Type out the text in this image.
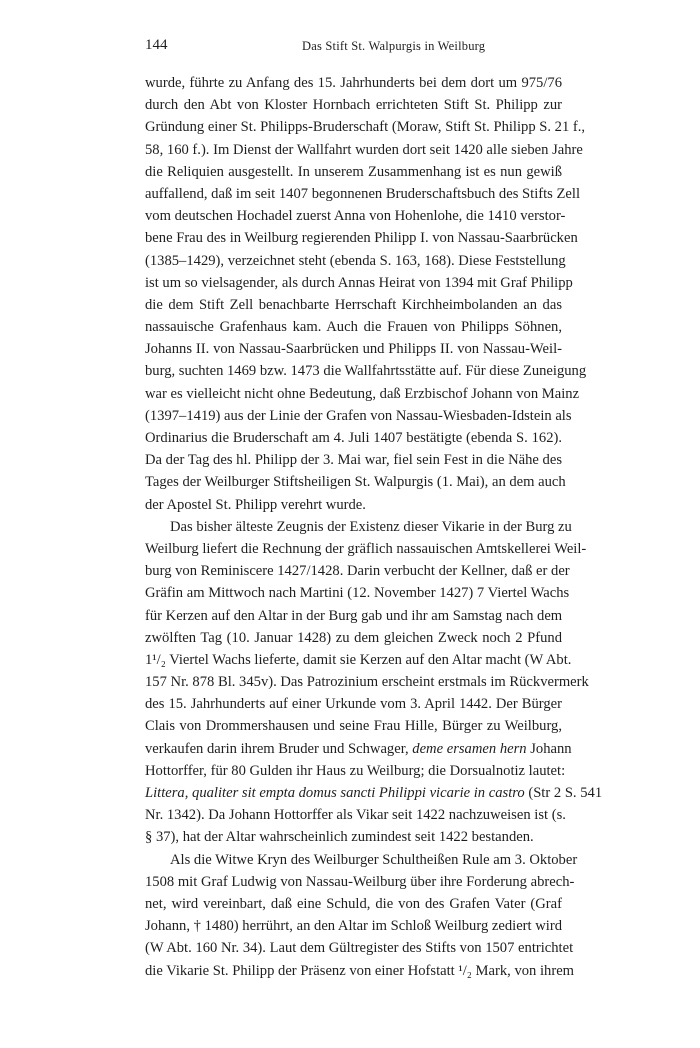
144	Das Stift St. Walpurgis in Weilburg
wurde, führte zu Anfang des 15. Jahrhunderts bei dem dort um 975/76
durch den Abt von Kloster Hornbach errichteten Stift St. Philipp zur
Gründung einer St. Philipps-Bruderschaft (Moraw, Stift St. Philipp S. 21 f.,
58, 160 f.). Im Dienst der Wallfahrt wurden dort seit 1420 alle sieben Jahre
die Reliquien ausgestellt. In unserem Zusammenhang ist es nun gewiß
auffallend, daß im seit 1407 begonnenen Bruderschaftsbuch des Stifts Zell
vom deutschen Hochadel zuerst Anna von Hohenlohe, die 1410 verstor-
bene Frau des in Weilburg regierenden Philipp I. von Nassau-Saarbrücken
(1385–1429), verzeichnet steht (ebenda S. 163, 168). Diese Feststellung
ist um so vielsagender, als durch Annas Heirat von 1394 mit Graf Philipp
die dem Stift Zell benachbarte Herrschaft Kirchheimbolanden an das
nassauische Grafenhaus kam. Auch die Frauen von Philipps Söhnen,
Johanns II. von Nassau-Saarbrücken und Philipps II. von Nassau-Weil-
burg, suchten 1469 bzw. 1473 die Wallfahrtsstätte auf. Für diese Zuneigung
war es vielleicht nicht ohne Bedeutung, daß Erzbischof Johann von Mainz
(1397–1419) aus der Linie der Grafen von Nassau-Wiesbaden-Idstein als
Ordinarius die Bruderschaft am 4. Juli 1407 bestätigte (ebenda S. 162).
Da der Tag des hl. Philipp der 3. Mai war, fiel sein Fest in die Nähe des
Tages der Weilburger Stiftsheiligen St. Walpurgis (1. Mai), an dem auch
der Apostel St. Philipp verehrt wurde.
Das bisher älteste Zeugnis der Existenz dieser Vikarie in der Burg zu
Weilburg liefert die Rechnung der gräflich nassauischen Amtskellerei Weil-
burg von Reminiscere 1427/1428. Darin verbucht der Kellner, daß er der
Gräfin am Mittwoch nach Martini (12. November 1427) 7 Viertel Wachs
für Kerzen auf den Altar in der Burg gab und ihr am Samstag nach dem
zwölften Tag (10. Januar 1428) zu dem gleichen Zweck noch 2 Pfund
1¹/₂ Viertel Wachs lieferte, damit sie Kerzen auf den Altar macht (W Abt.
157 Nr. 878 Bl. 345v). Das Patrozinium erscheint erstmals im Rückvermerk
des 15. Jahrhunderts auf einer Urkunde vom 3. April 1442. Der Bürger
Clais von Drommershausen und seine Frau Hille, Bürger zu Weilburg,
verkaufen darin ihrem Bruder und Schwager, deme ersamen hern Johann
Hottorffer, für 80 Gulden ihr Haus zu Weilburg; die Dorsualnotiz lautet:
Littera, qualiter sit empta domus sancti Philippi vicarie in castro (Str 2 S. 541
Nr. 1342). Da Johann Hottorffer als Vikar seit 1422 nachzuweisen ist (s.
§ 37), hat der Altar wahrscheinlich zumindest seit 1422 bestanden.
Als die Witwe Kryn des Weilburger Schultheißen Rule am 3. Oktober
1508 mit Graf Ludwig von Nassau-Weilburg über ihre Forderung abrech-
net, wird vereinbart, daß eine Schuld, die von des Grafen Vater (Graf
Johann, † 1480) herrührt, an den Altar im Schloß Weilburg zediert wird
(W Abt. 160 Nr. 34). Laut dem Gültregister des Stifts von 1507 entrichtet
die Vikarie St. Philipp der Präsenz von einer Hofstatt ¹/₂ Mark, von ihrem
